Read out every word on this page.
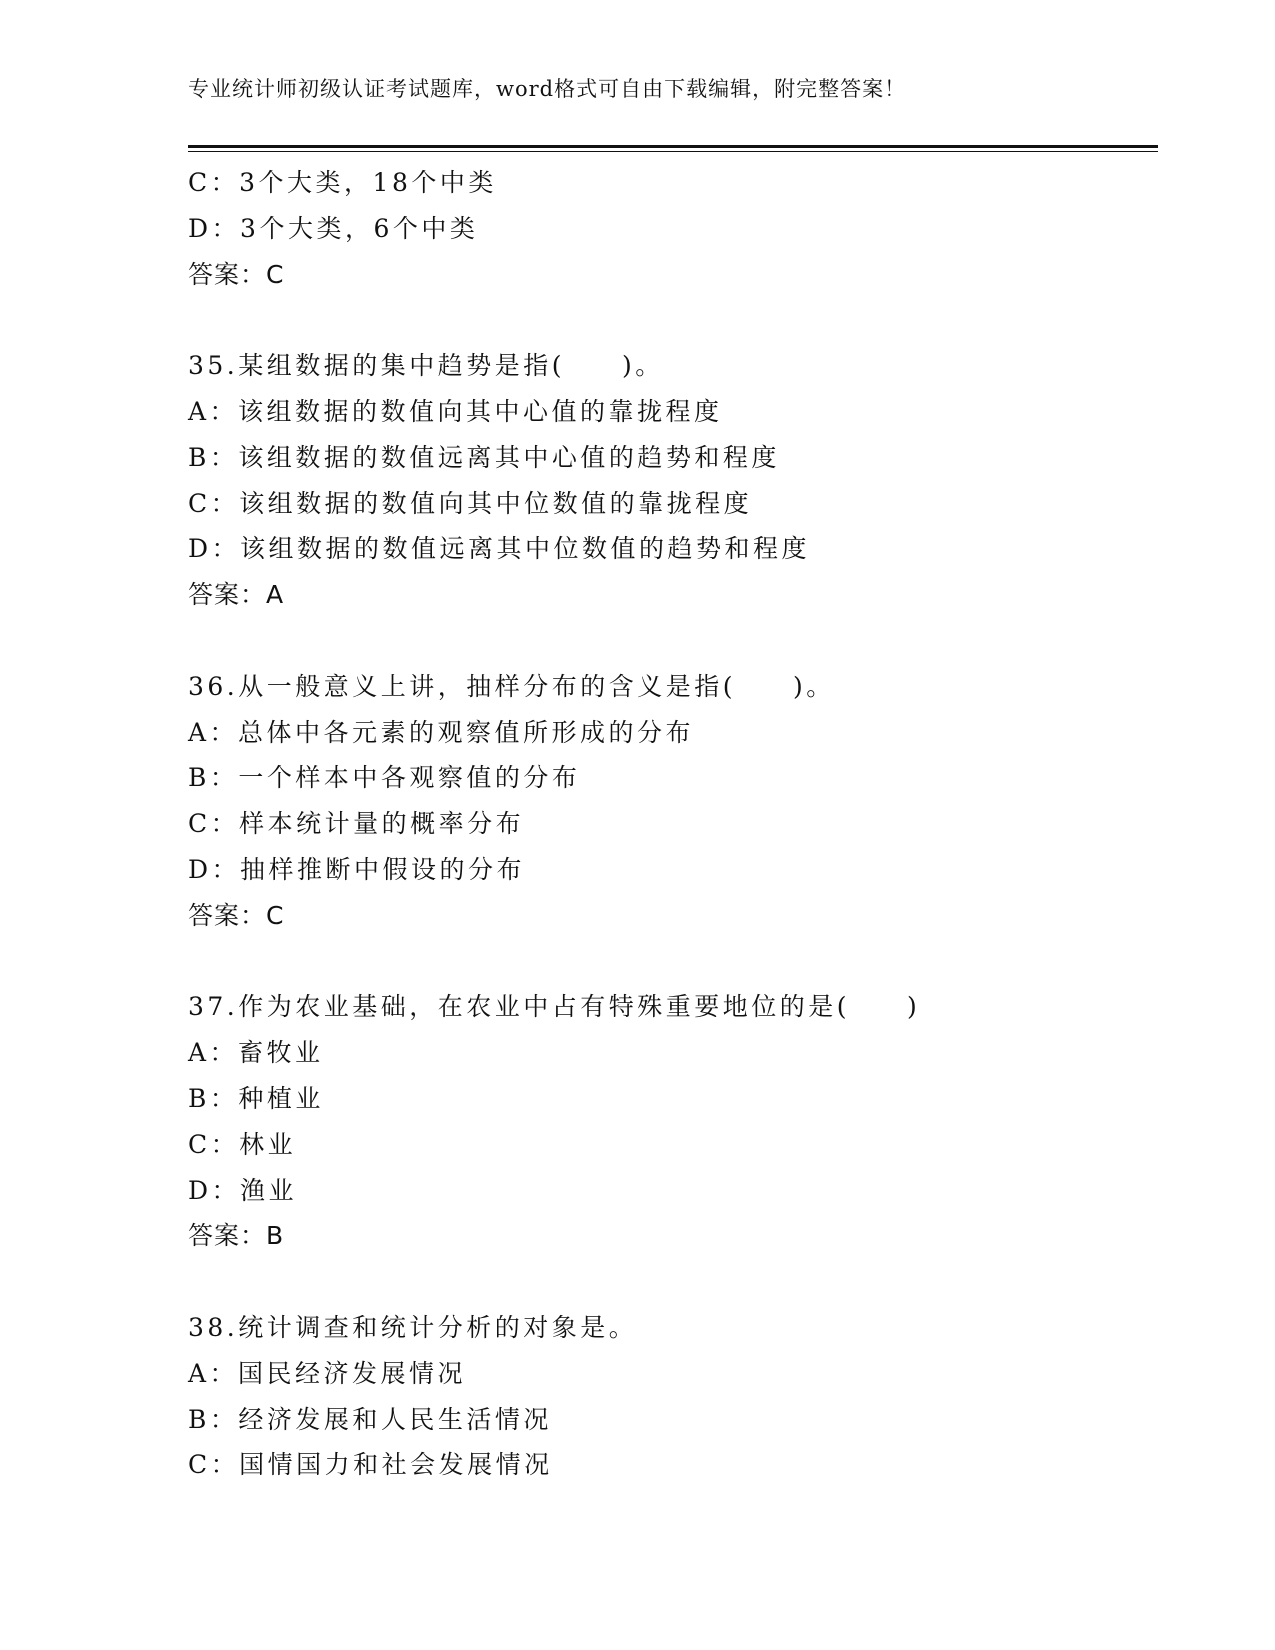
专业统计师初级认证考试题库，word格式可自由下载编辑，附完整答案！
C：3个大类，18个中类
D：3个大类，6个中类
答案：C
35.某组数据的集中趋势是指(　　)。
A：该组数据的数值向其中心值的靠拢程度
B：该组数据的数值远离其中心值的趋势和程度
C：该组数据的数值向其中位数值的靠拢程度
D：该组数据的数值远离其中位数值的趋势和程度
答案：A
36.从一般意义上讲，抽样分布的含义是指(　　)。
A：总体中各元素的观察值所形成的分布
B：一个样本中各观察值的分布
C：样本统计量的概率分布
D：抽样推断中假设的分布
答案：C
37.作为农业基础，在农业中占有特殊重要地位的是(　　)
A：畜牧业
B：种植业
C：林业
D：渔业
答案：B
38.统计调查和统计分析的对象是。
A：国民经济发展情况
B：经济发展和人民生活情况
C：国情国力和社会发展情况
